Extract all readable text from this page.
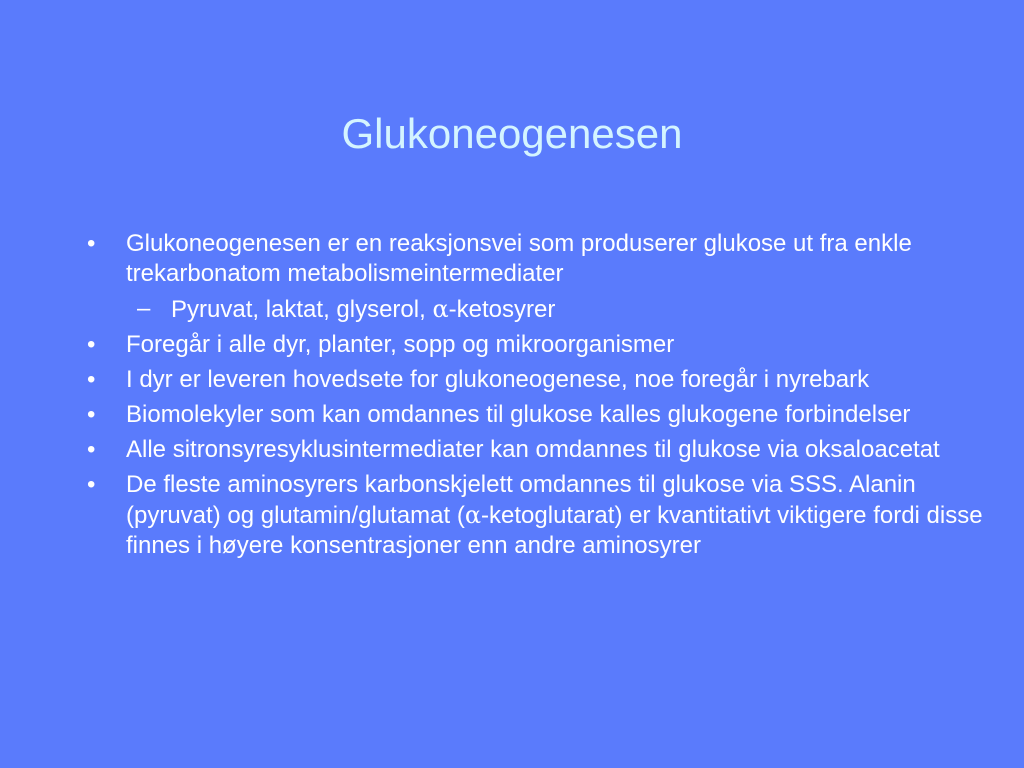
Glukoneogenesen
•	Glukoneogenesen er en reaksjonsvei som produserer glukose ut fra enkle trekarbonatom metabolismeintermediater
– Pyruvat, laktat, glyserol, α-ketosyrer
•	Foregår i alle dyr, planter, sopp og mikroorganismer
•	I dyr er leveren hovedsete for glukoneogenese, noe foregår i nyrebark
•	Biomolekyler som kan omdannes til glukose kalles glukogene forbindelser
•	Alle sitronsyresyklusintermediater kan omdannes til glukose via oksaloacetat
•	De fleste aminosyrers karbonskjelett omdannes til glukose via SSS. Alanin (pyruvat) og glutamin/glutamat (α-ketoglutarat) er kvantitativt viktigere fordi disse finnes i høyere konsentrasjoner enn andre aminosyrer
